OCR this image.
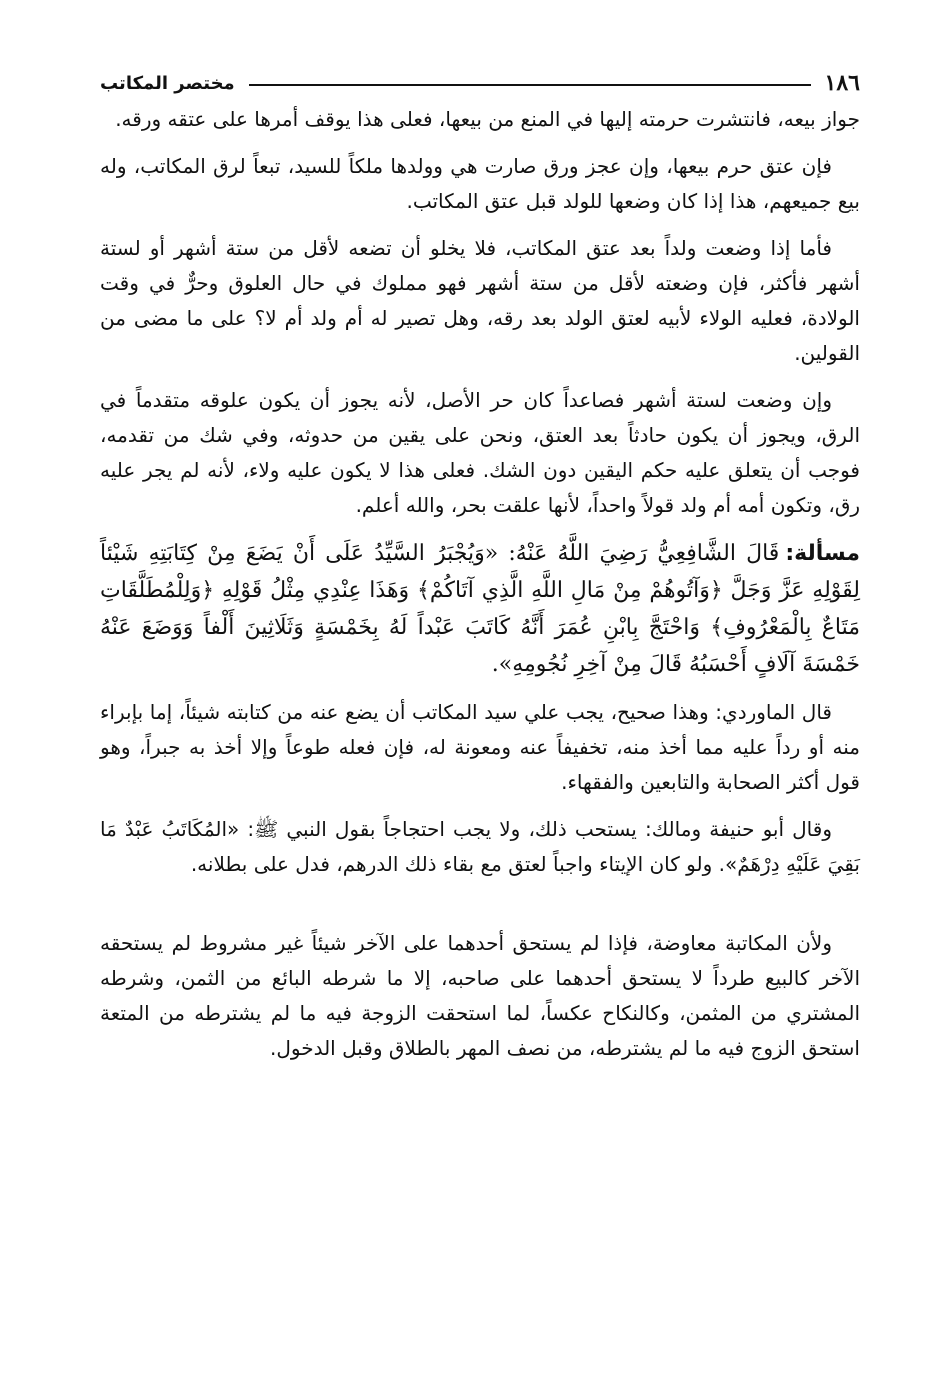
١٨٦
مختصر المكاتب

جواز بيعه، فانتشرت حرمته إليها في المنع من بيعها، فعلى هذا يوقف أمرها على عتقه ورقه.

فإن عتق حرم بيعها، وإن عجز ورق صارت هي وولدها ملكاً للسيد، تبعاً لرق المكاتب، وله بيع جميعهم، هذا إذا كان وضعها للولد قبل عتق المكاتب.

فأما إذا وضعت ولداً بعد عتق المكاتب، فلا يخلو أن تضعه لأقل من ستة أشهر أو لستة أشهر فأكثر، فإن وضعته لأقل من ستة أشهر فهو مملوك في حال العلوق وحرٌّ في وقت الولادة، فعليه الولاء لأبيه لعتق الولد بعد رقه، وهل تصير له أم ولد أم لا؟ على ما مضى من القولين.

وإن وضعت لستة أشهر فصاعداً كان حر الأصل، لأنه يجوز أن يكون علوقه متقدماً في الرق، ويجوز أن يكون حادثاً بعد العتق، ونحن على يقين من حدوثه، وفي شك من تقدمه، فوجب أن يتعلق عليه حكم اليقين دون الشك. فعلى هذا لا يكون عليه ولاء، لأنه لم يجر عليه رق، وتكون أمه أم ولد قولاً واحداً، لأنها علقت بحر، والله أعلم.

مسألة:قَالَ الشَّافِعِيُّ رَضِيَ اللَّهُ عَنْهُ: «وَيُجْبَرُ السَّيِّدُ عَلَى أَنْ يَضَعَ مِنْ كِتَابَتِهِ شَيْئاً لِقَوْلِهِ عَزَّ وَجَلَّ ﴿وَآتُوهُمْ مِنْ مَالِ اللَّهِ الَّذِي آتَاكُمْ﴾ وَهَذَا عِنْدِي مِثْلُ قَوْلِهِ ﴿وَلِلْمُطَلَّقَاتِ مَتَاعٌ بِالْمَعْرُوفِ﴾ وَاحْتَجَّ بِابْنِ عُمَرَ أَنَّهُ كَاتَبَ عَبْداً لَهُ بِخَمْسَةٍ وَثَلَاثِينَ أَلْفاً وَوَضَعَ عَنْهُ خَمْسَةَ آلَافٍ أَحْسَبُهُ قَالَ مِنْ آخِرِ نُجُومِهِ».

قال الماوردي: وهذا صحيح، يجب علي سيد المكاتب أن يضع عنه من كتابته شيئاً، إما بإبراء منه أو رداً عليه مما أخذ منه، تخفيفاً عنه ومعونة له، فإن فعله طوعاً وإلا أخذ به جبراً، وهو قول أكثر الصحابة والتابعين والفقهاء.

وقال أبو حنيفة ومالك: يستحب ذلك، ولا يجب احتجاجاً بقول النبي ﷺ: «المُكَاتَبُ عَبْدٌ مَا بَقِيَ عَلَيْهِ دِرْهَمٌ». ولو كان الإيتاء واجباً لعتق مع بقاء ذلك الدرهم، فدل على بطلانه.

ولأن المكاتبة معاوضة، فإذا لم يستحق أحدهما على الآخر شيئاً غير مشروط لم يستحقه الآخر كالبيع طرداً لا يستحق أحدهما على صاحبه، إلا ما شرطه البائع من الثمن، وشرطه المشتري من المثمن، وكالنكاح عكساً، لما استحقت الزوجة فيه ما لم يشترطه من المتعة استحق الزوج فيه ما لم يشترطه، من نصف المهر بالطلاق وقبل الدخول.
